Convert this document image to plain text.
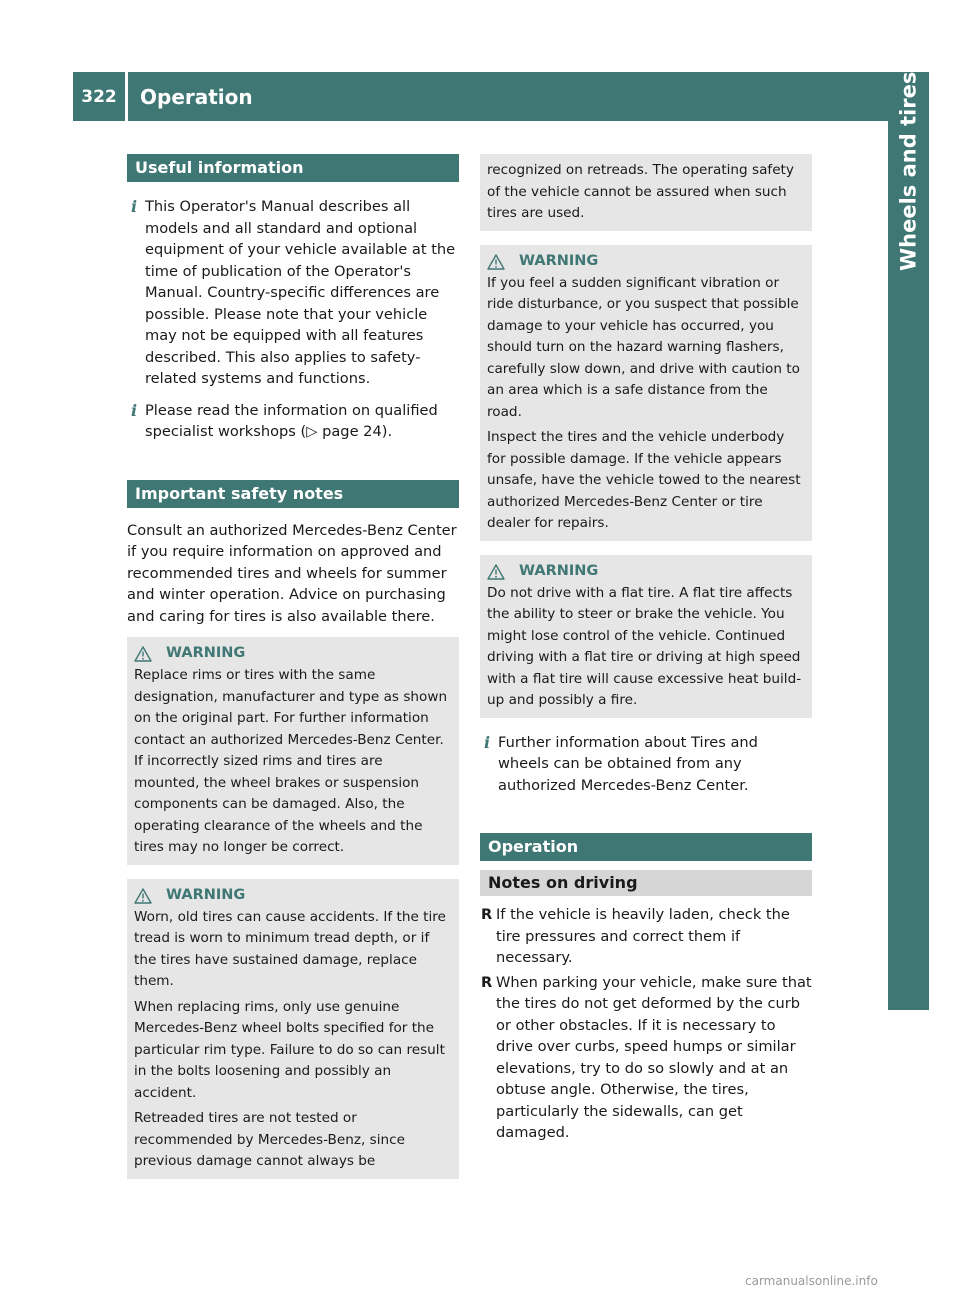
322	Operation	Wheels and tires
Useful information
i This Operator's Manual describes all models and all standard and optional equipment of your vehicle available at the time of publication of the Operator's Manual. Country-specific differences are possible. Please note that your vehicle may not be equipped with all features described. This also applies to safety-related systems and functions.
i Please read the information on qualified specialist workshops (▷ page 24).
Important safety notes
Consult an authorized Mercedes-Benz Center if you require information on approved and recommended tires and wheels for summer and winter operation. Advice on purchasing and caring for tires is also available there.
WARNING

Replace rims or tires with the same designation, manufacturer and type as shown on the original part. For further information contact an authorized Mercedes-Benz Center. If incorrectly sized rims and tires are mounted, the wheel brakes or suspension components can be damaged. Also, the operating clearance of the wheels and the tires may no longer be correct.

WARNING

Worn, old tires can cause accidents. If the tire tread is worn to minimum tread depth, or if the tires have sustained damage, replace them.

When replacing rims, only use genuine Mercedes-Benz wheel bolts specified for the particular rim type. Failure to do so can result in the bolts loosening and possibly an accident.

Retreaded tires are not tested or recommended by Mercedes-Benz, since previous damage cannot always be

recognized on retreads. The operating safety of the vehicle cannot be assured when such tires are used.

WARNING

If you feel a sudden significant vibration or ride disturbance, or you suspect that possible damage to your vehicle has occurred, you should turn on the hazard warning flashers, carefully slow down, and drive with caution to an area which is a safe distance from the road.

Inspect the tires and the vehicle underbody for possible damage. If the vehicle appears unsafe, have the vehicle towed to the nearest authorized Mercedes-Benz Center or tire dealer for repairs.

WARNING

Do not drive with a flat tire. A flat tire affects the ability to steer or brake the vehicle. You might lose control of the vehicle. Continued driving with a flat tire or driving at high speed with a flat tire will cause excessive heat build-up and possibly a fire.

i Further information about Tires and wheels can be obtained from any authorized Mercedes-Benz Center.
Operation
Notes on driving
R If the vehicle is heavily laden, check the tire pressures and correct them if necessary.
R When parking your vehicle, make sure that the tires do not get deformed by the curb or other obstacles. If it is necessary to drive over curbs, speed humps or similar elevations, try to do so slowly and at an obtuse angle. Otherwise, the tires, particularly the sidewalls, can get damaged.
carmanualsonline.info
